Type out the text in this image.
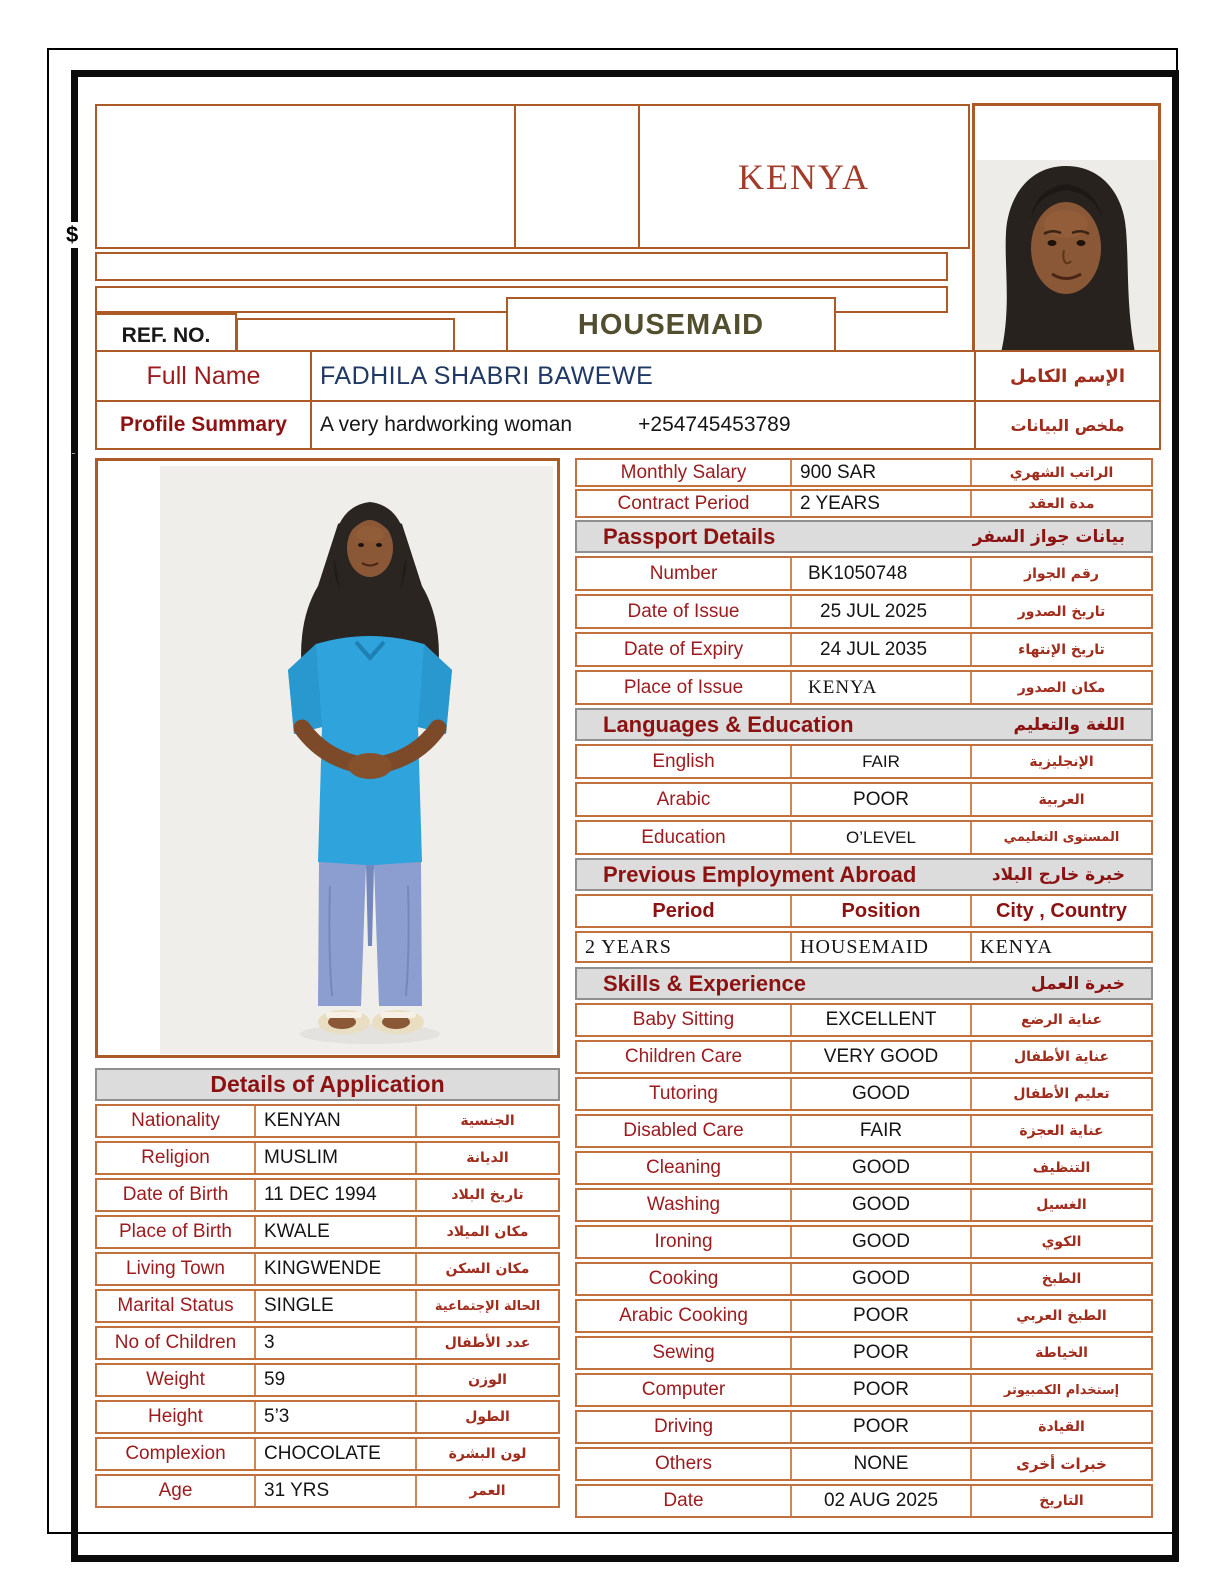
$
ـ
KENYA
REF. NO.	HOUSEMAID
Full Name	FADHILA SHABRI BAWEWE	الإسم الكامل
Profile Summary	A very hardworking woman	+254745453789	ملخص البيانات
Details of Application
Nationality	KENYAN	الجنسية
Religion	MUSLIM	الديانة
Date of Birth	11 DEC 1994	تاريخ البلاد
Place of Birth	KWALE	مكان الميلاد
Living Town	KINGWENDE	مكان السكن
Marital Status	SINGLE	الحالة الإجتماعية
No of Children	3	عدد الأطفال
Weight	59	الوزن
Height	5’3	الطول
Complexion	CHOCOLATE	لون البشرة
Age	31 YRS	العمر
Monthly Salary	900 SAR	الراتب الشهري
Contract Period	2 YEARS	مدة العقد
Passport Details	بيانات جواز السفر
Number	BK1050748	رقم الجواز
Date of Issue	25 JUL 2025	تاريخ الصدور
Date of Expiry	24 JUL 2035	تاريخ الإنتهاء
Place of Issue	KENYA	مكان الصدور
Languages & Education	اللغة والتعليم
English	FAIR	الإنجليزية
Arabic	POOR	العربية
Education	O’LEVEL	المستوى التعليمي
Previous Employment Abroad	خبرة خارج البلاد
Period	Position	City , Country
2 YEARS	HOUSEMAID	KENYA
Skills & Experience	خبرة العمل
Baby Sitting	EXCELLENT	عناية الرضع
Children Care	VERY GOOD	عناية الأطفال
Tutoring	GOOD	تعليم الأطفال
Disabled Care	FAIR	عناية العجزة
Cleaning	GOOD	التنظيف
Washing	GOOD	الغسيل
Ironing	GOOD	الكوي
Cooking	GOOD	الطبخ
Arabic Cooking	POOR	الطبخ العربي
Sewing	POOR	الخياطة
Computer	POOR	إستخدام الكمبيوتر
Driving	POOR	القيادة
Others	NONE	خبرات أخرى
Date	02 AUG 2025	التاريخ
